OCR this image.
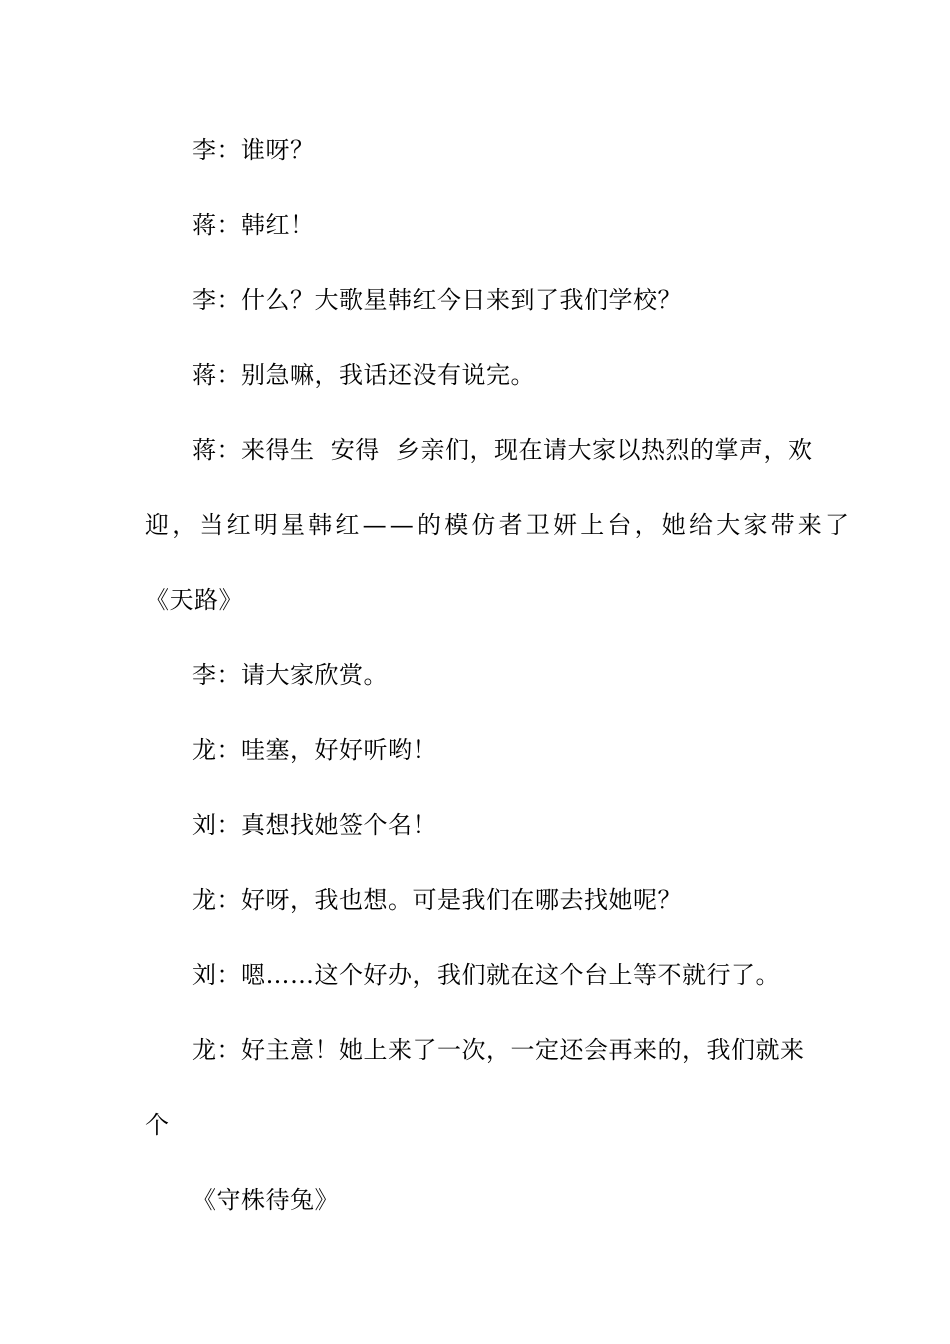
李：谁呀？
蒋：韩红！
李：什么？大歌星韩红今日来到了我们学校？
蒋：别急嘛，我话还没有说完。
蒋：来得生  安得  乡亲们，现在请大家以热烈的掌声，欢
迎，当红明星韩红——的模仿者卫妍上台，她给大家带来了
《天路》
李：请大家欣赏。
龙：哇塞，好好听哟！
刘：真想找她签个名！
龙：好呀，我也想。可是我们在哪去找她呢？
刘：嗯……这个好办，我们就在这个台上等不就行了。
龙：好主意！她上来了一次，一定还会再来的，我们就来
个
《守株待兔》
